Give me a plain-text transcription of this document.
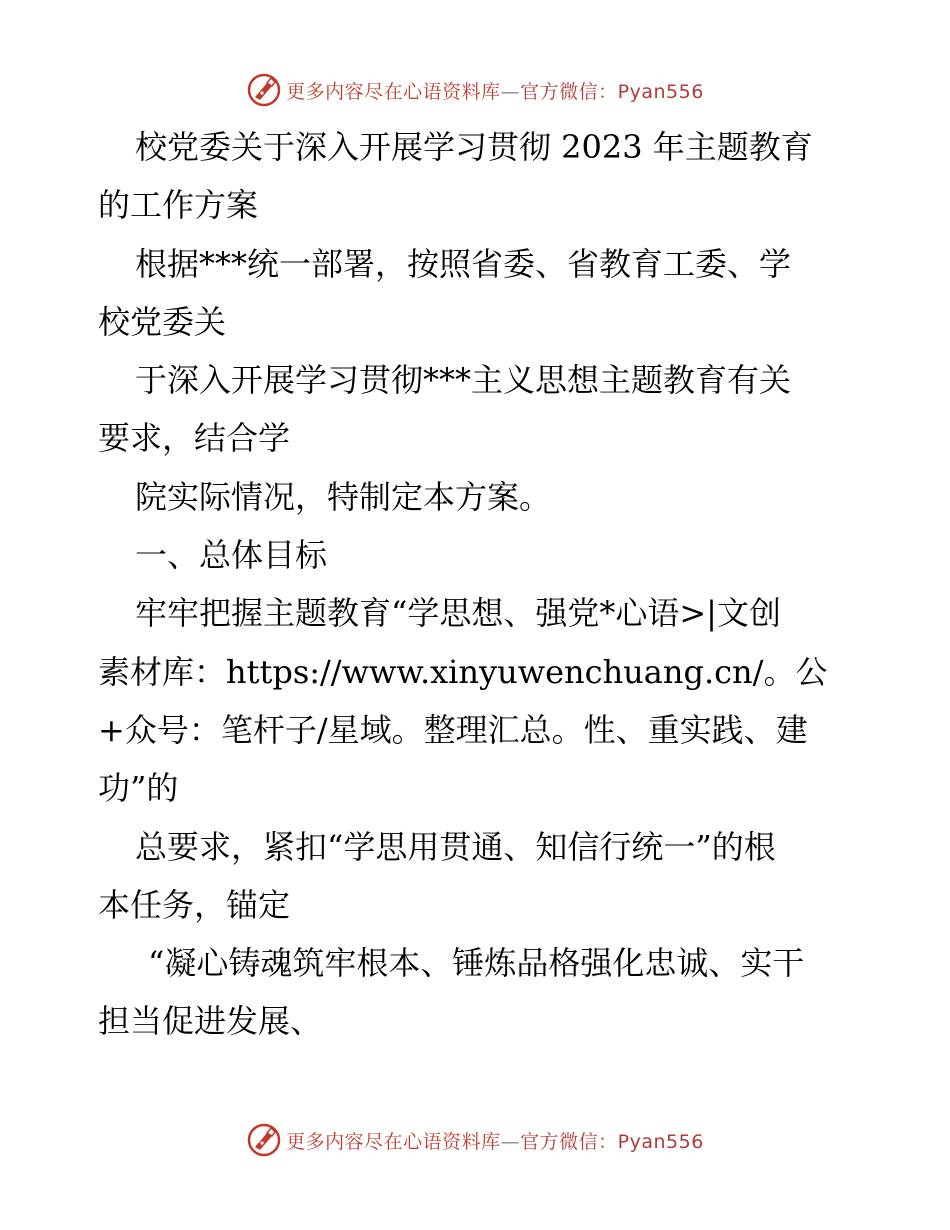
更多内容尽在心语资料库—官方微信：Pyan556
校党委关于深入开展学习贯彻 2023 年主题教育
的工作方案
根据***统一部署，按照省委、省教育工委、学
校党委关
于深入开展学习贯彻***主义思想主题教育有关
要求，结合学
院实际情况，特制定本方案。
一、总体目标
牢牢把握主题教育“学思想、强党*心语>|文创
素材库：https://www.xinyuwenchuang.cn/。公
+众号：笔杆子/星域。整理汇总。性、重实践、建
功”的
总要求，紧扣“学思用贯通、知信行统一”的根
本任务，锚定
“凝心铸魂筑牢根本、锤炼品格强化忠诚、实干
担当促进发展、
更多内容尽在心语资料库—官方微信：Pyan556
